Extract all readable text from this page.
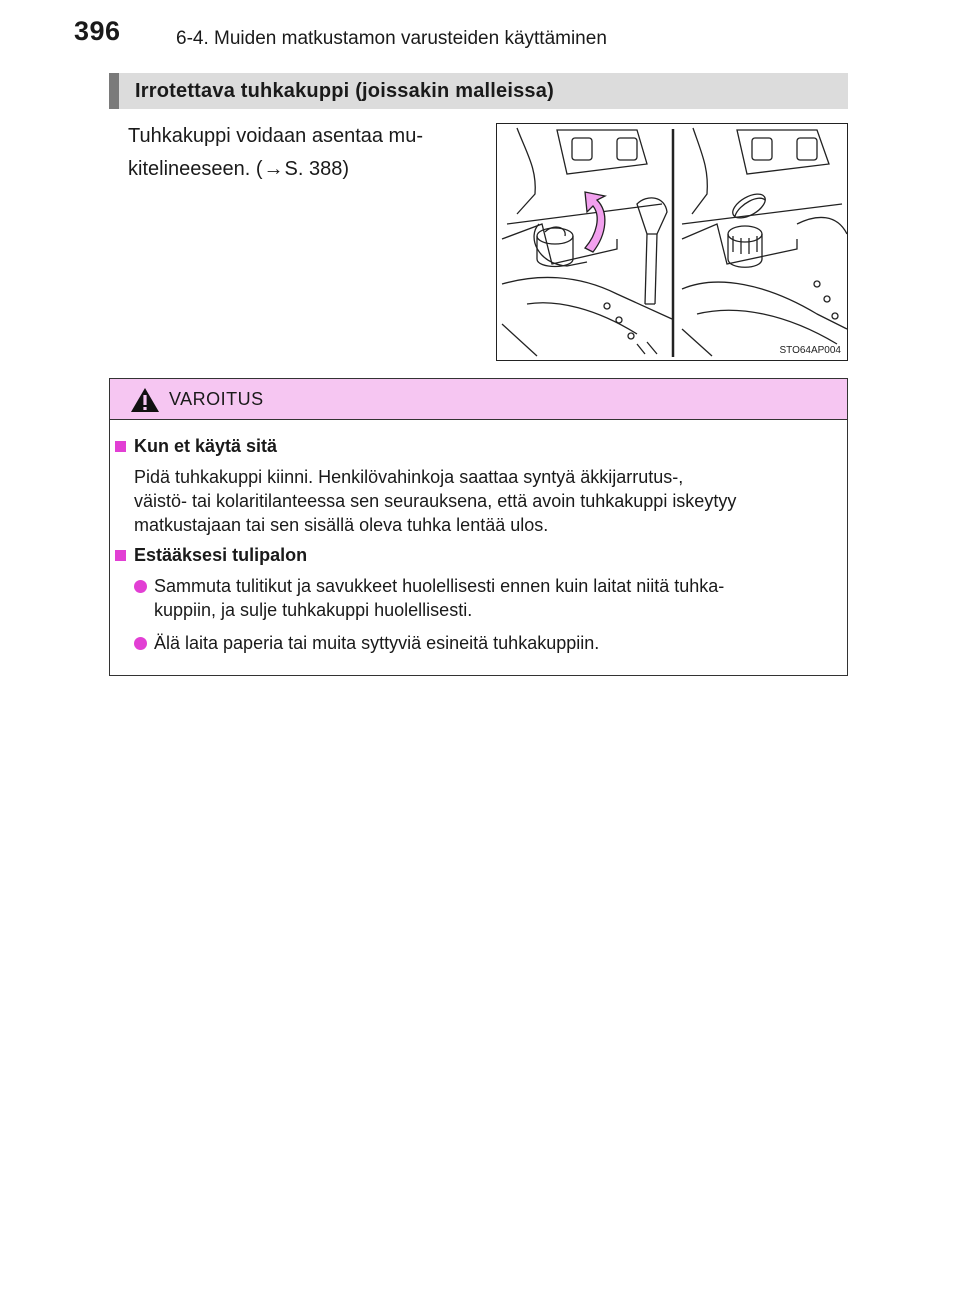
396	6-4. Muiden matkustamon varusteiden käyttäminen
Irrotettava tuhkakuppi (joissakin malleissa)
Tuhkakuppi voidaan asentaa mu-
kitelineeseen. (→S. 388)
STO64AP004
VAROITUS
Kun et käytä sitä
Pidä tuhkakuppi kiinni. Henkilövahinkoja saattaa syntyä äkkijarrutus-,
väistö- tai kolaritilanteessa sen seurauksena, että avoin tuhkakuppi iskeytyy
matkustajaan tai sen sisällä oleva tuhka lentää ulos.
Estääksesi tulipalon
Sammuta tulitikut ja savukkeet huolellisesti ennen kuin laitat niitä tuhka-
kuppiin, ja sulje tuhkakuppi huolellisesti.
Älä laita paperia tai muita syttyviä esineitä tuhkakuppiin.
